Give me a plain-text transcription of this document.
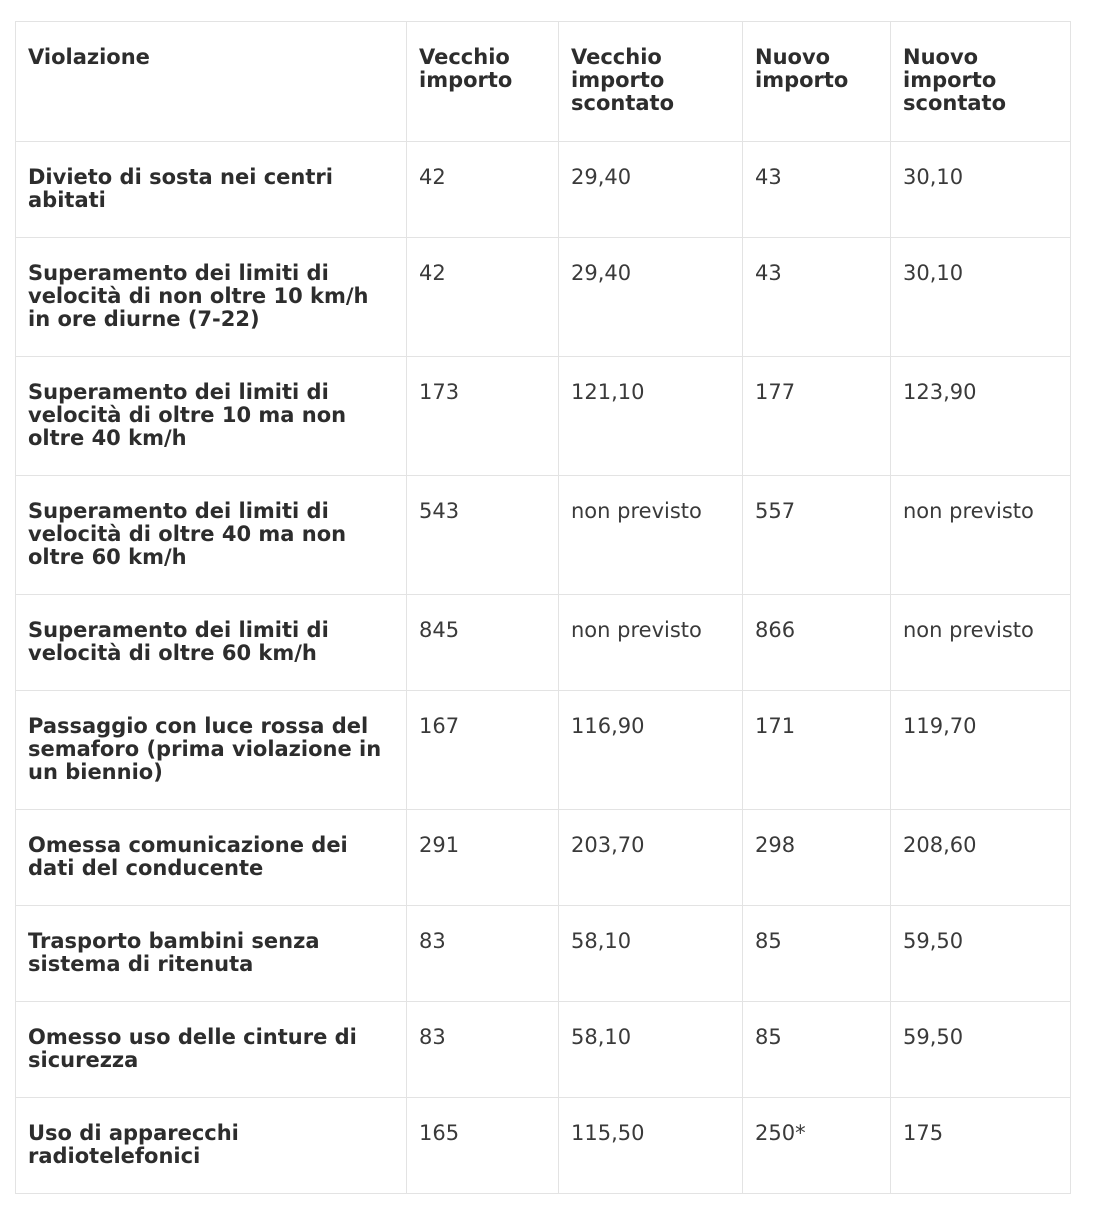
Violazione	Vecchio importo	Vecchio importo scontato	Nuovo importo	Nuovo importo scontato
Divieto di sosta nei centri abitati	42	29,40	43	30,10
Superamento dei limiti di velocità di non oltre 10 km/h in ore diurne (7-22)	42	29,40	43	30,10
Superamento dei limiti di velocità di oltre 10 ma non oltre 40 km/h	173	121,10	177	123,90
Superamento dei limiti di velocità di oltre 40 ma non oltre 60 km/h	543	non previsto	557	non previsto
Superamento dei limiti di velocità di oltre 60 km/h	845	non previsto	866	non previsto
Passaggio con luce rossa del semaforo (prima violazione in un biennio)	167	116,90	171	119,70
Omessa comunicazione dei dati del conducente	291	203,70	298	208,60
Trasporto bambini senza sistema di ritenuta	83	58,10	85	59,50
Omesso uso delle cinture di sicurezza	83	58,10	85	59,50
Uso di apparecchi radiotelefonici	165	115,50	250*	175
